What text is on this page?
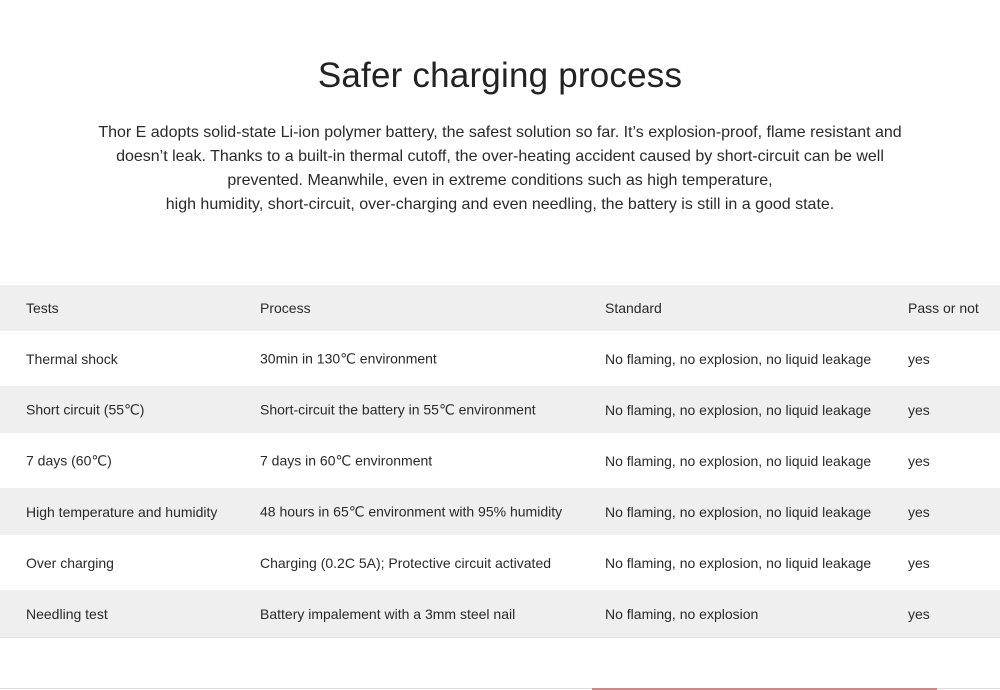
Safer charging process

Thor E adopts solid-state Li-ion polymer battery, the safest solution so far. It’s explosion-proof, flame resistant and
doesn’t leak. Thanks to a built-in thermal cutoff, the over-heating accident caused by short-circuit can be well
prevented. Meanwhile, even in extreme conditions such as high temperature,
high humidity, short-circuit, over-charging and even needling, the battery is still in a good state.

Tests	Process	Standard	Pass or not
Thermal shock	30min in 130℃ environment	No flaming, no explosion, no liquid leakage	yes
Short circuit (55℃)	Short-circuit the battery in 55℃ environment	No flaming, no explosion, no liquid leakage	yes
7 days (60℃)	7 days in 60℃ environment	No flaming, no explosion, no liquid leakage	yes
High temperature and humidity	48 hours in 65℃ environment with 95% humidity	No flaming, no explosion, no liquid leakage	yes
Over charging	Charging (0.2C 5A); Protective circuit activated	No flaming, no explosion, no liquid leakage	yes
Needling test	Battery impalement with a 3mm steel nail	No flaming, no explosion	yes
